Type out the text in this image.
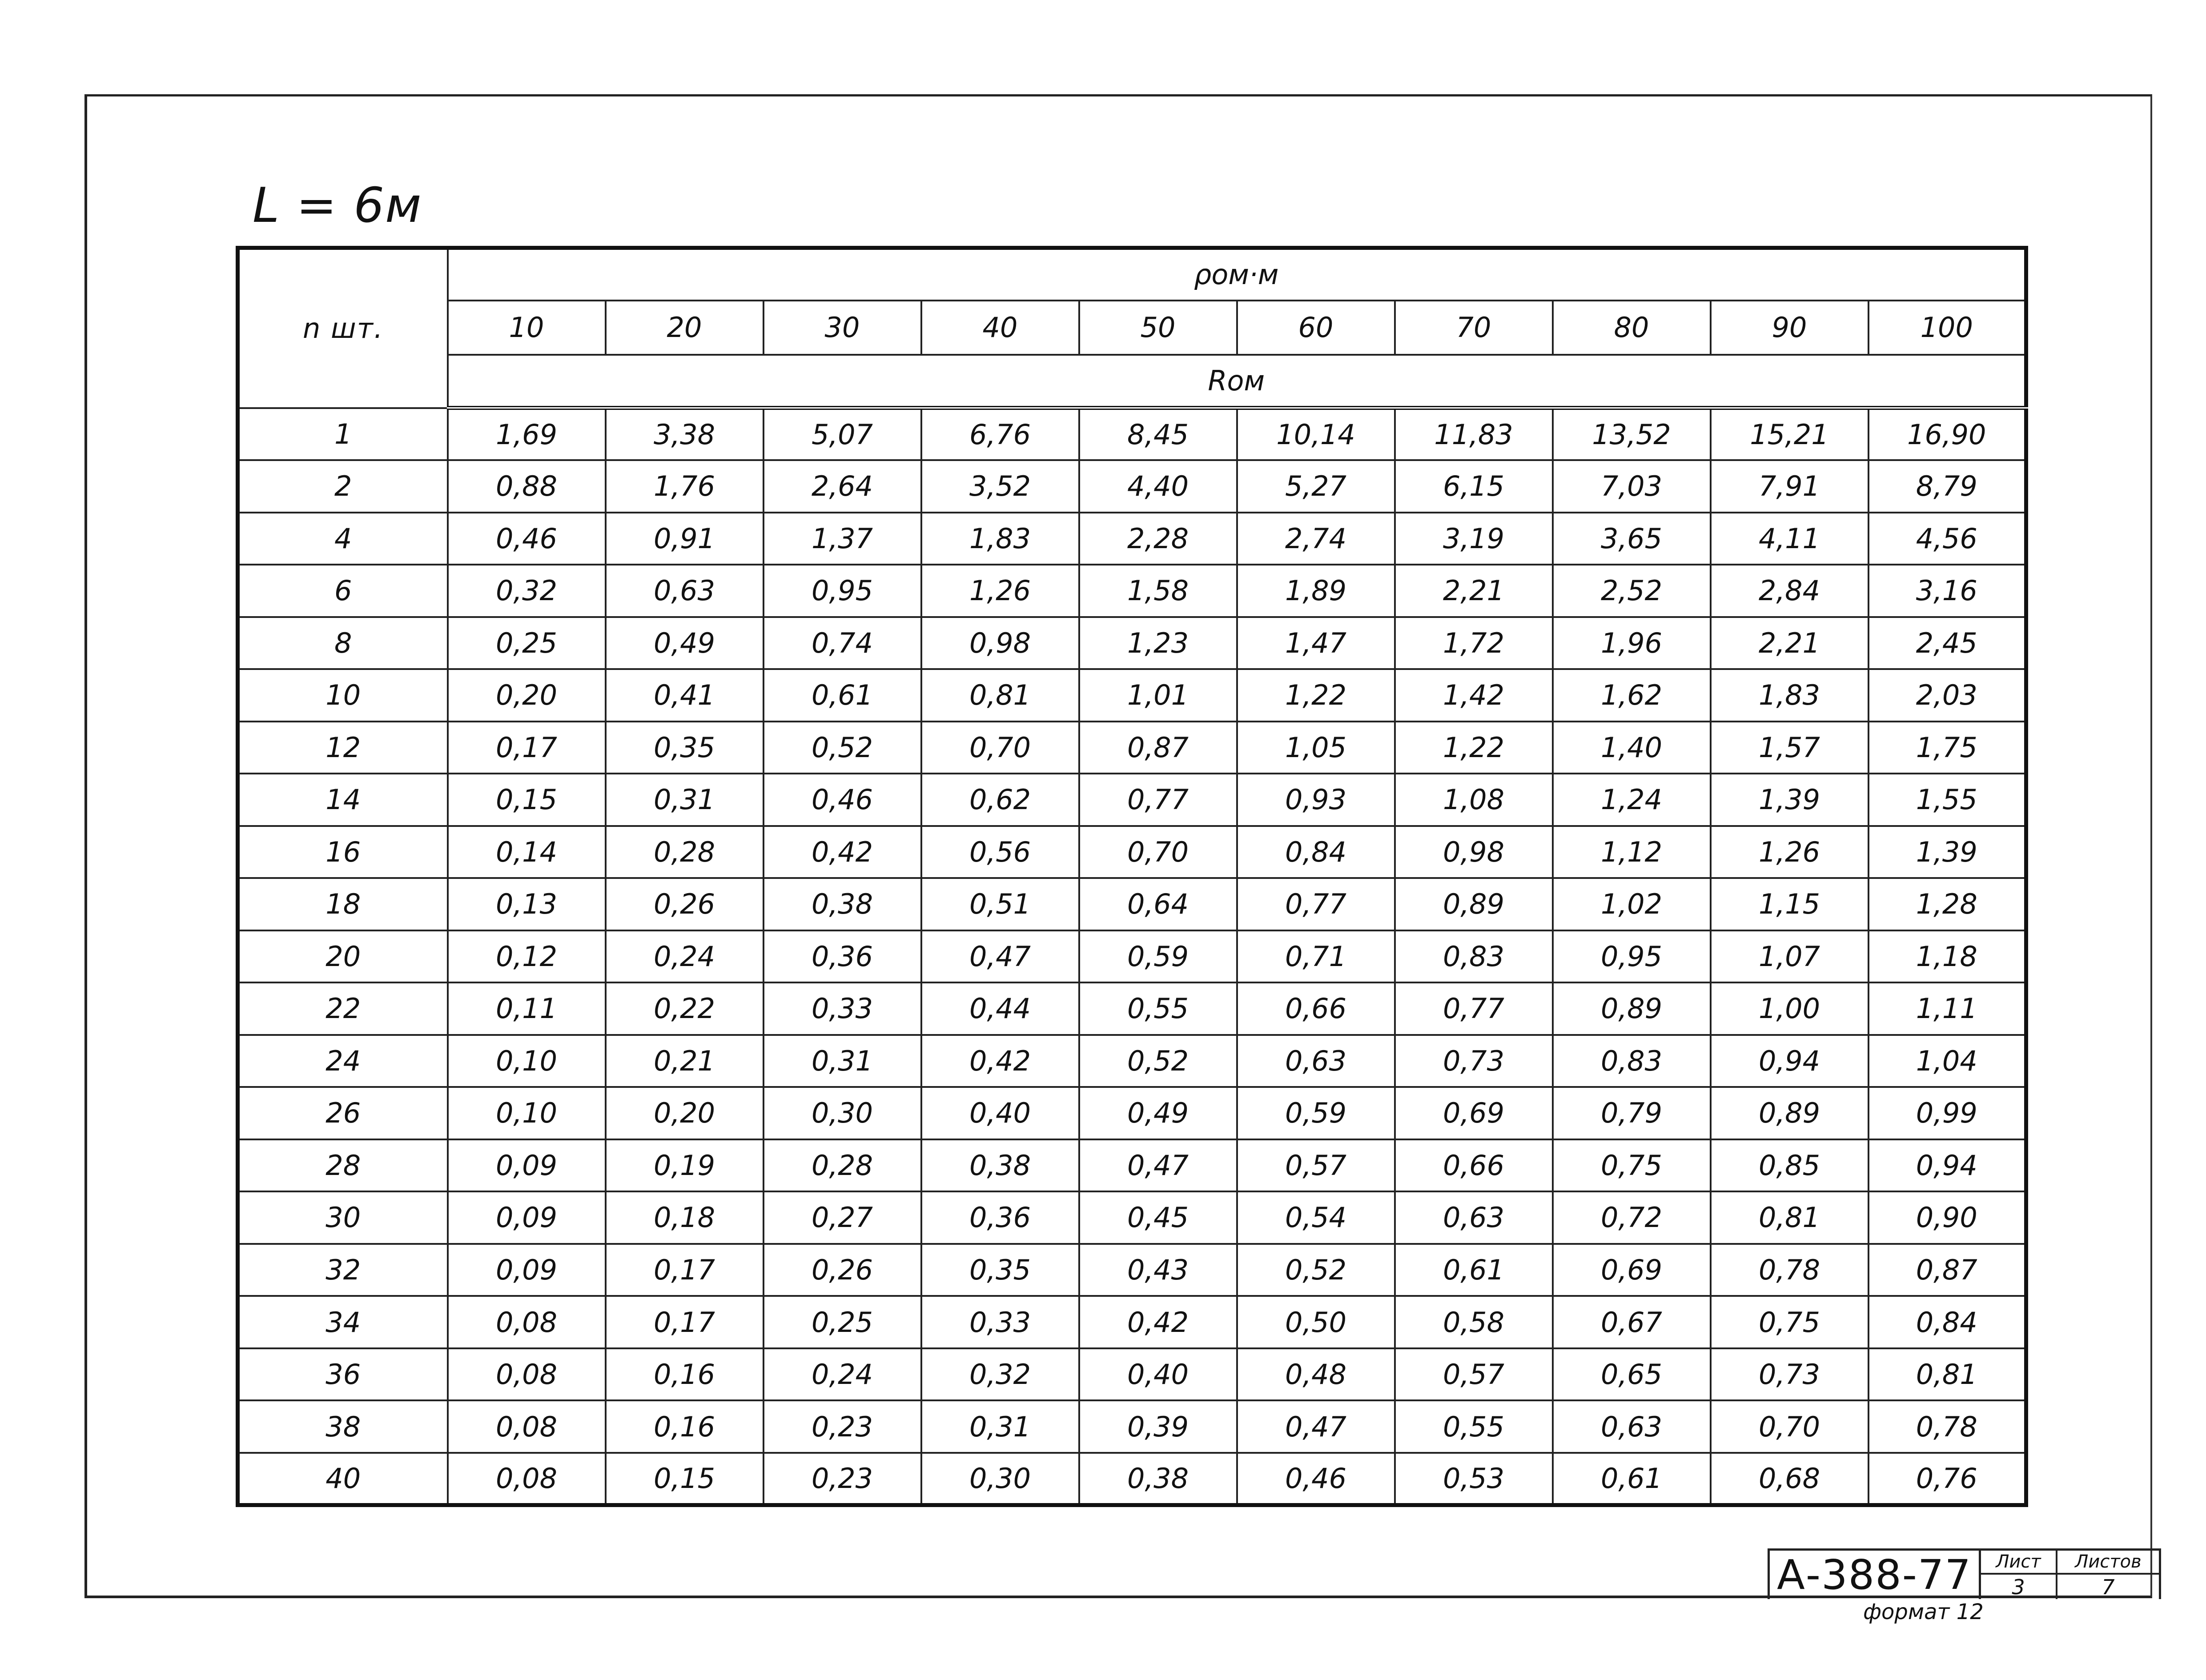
L = 6м
n шт.	ρом·м									
	10	20	30	40	50	60	70	80	90	100
	Rом									
1	1,69	3,38	5,07	6,76	8,45	10,14	11,83	13,52	15,21	16,90
2	0,88	1,76	2,64	3,52	4,40	5,27	6,15	7,03	7,91	8,79
4	0,46	0,91	1,37	1,83	2,28	2,74	3,19	3,65	4,11	4,56
6	0,32	0,63	0,95	1,26	1,58	1,89	2,21	2,52	2,84	3,16
8	0,25	0,49	0,74	0,98	1,23	1,47	1,72	1,96	2,21	2,45
10	0,20	0,41	0,61	0,81	1,01	1,22	1,42	1,62	1,83	2,03
12	0,17	0,35	0,52	0,70	0,87	1,05	1,22	1,40	1,57	1,75
14	0,15	0,31	0,46	0,62	0,77	0,93	1,08	1,24	1,39	1,55
16	0,14	0,28	0,42	0,56	0,70	0,84	0,98	1,12	1,26	1,39
18	0,13	0,26	0,38	0,51	0,64	0,77	0,89	1,02	1,15	1,28
20	0,12	0,24	0,36	0,47	0,59	0,71	0,83	0,95	1,07	1,18
22	0,11	0,22	0,33	0,44	0,55	0,66	0,77	0,89	1,00	1,11
24	0,10	0,21	0,31	0,42	0,52	0,63	0,73	0,83	0,94	1,04
26	0,10	0,20	0,30	0,40	0,49	0,59	0,69	0,79	0,89	0,99
28	0,09	0,19	0,28	0,38	0,47	0,57	0,66	0,75	0,85	0,94
30	0,09	0,18	0,27	0,36	0,45	0,54	0,63	0,72	0,81	0,90
32	0,09	0,17	0,26	0,35	0,43	0,52	0,61	0,69	0,78	0,87
34	0,08	0,17	0,25	0,33	0,42	0,50	0,58	0,67	0,75	0,84
36	0,08	0,16	0,24	0,32	0,40	0,48	0,57	0,65	0,73	0,81
38	0,08	0,16	0,23	0,31	0,39	0,47	0,55	0,63	0,70	0,78
40	0,08	0,15	0,23	0,30	0,38	0,46	0,53	0,61	0,68	0,76
А-388-77	Лист
3
Листов
7
формат 12
